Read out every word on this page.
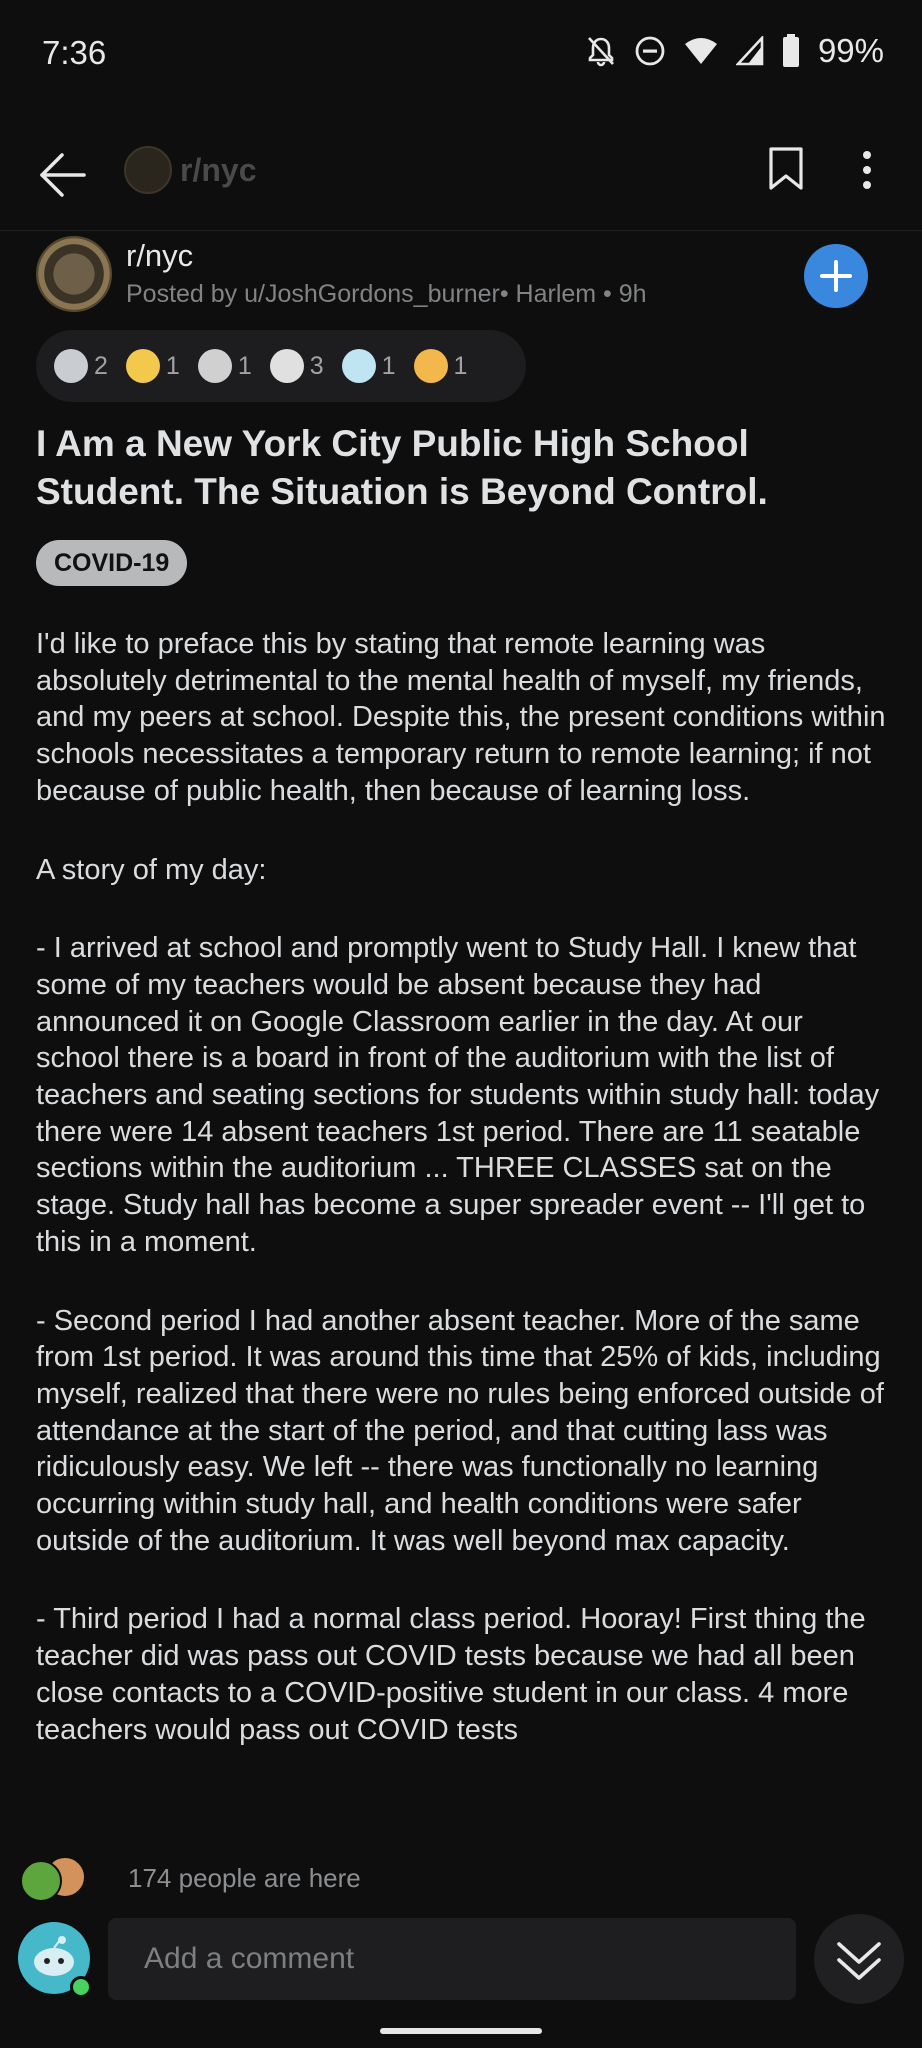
7:36	99%
r/nyc
r/nyc
Posted by u/JoshGordons_burner• Harlem • 9h
2 1 1 3 1 1
I Am a New York City Public High School Student. The Situation is Beyond Control.
COVID-19

I'd like to preface this by stating that remote learning was absolutely detrimental to the mental health of myself, my friends, and my peers at school. Despite this, the present conditions within schools necessitates a temporary return to remote learning; if not because of public health, then because of learning loss.

A story of my day:

- I arrived at school and promptly went to Study Hall. I knew that some of my teachers would be absent because they had announced it on Google Classroom earlier in the day. At our school there is a board in front of the auditorium with the list of teachers and seating sections for students within study hall: today there were 14 absent teachers 1st period. There are 11 seatable sections within the auditorium ... THREE CLASSES sat on the stage. Study hall has become a super spreader event -- I'll get to this in a moment.

- Second period I had another absent teacher. More of the same from 1st period. It was around this time that 25% of kids, including myself, realized that there were no rules being enforced outside of attendance at the start of the period, and that cutting lass was ridiculously easy. We left -- there was functionally no learning occurring within study hall, and health conditions were safer outside of the auditorium. It was well beyond max capacity.

- Third period I had a normal class period. Hooray! First thing the teacher did was pass out COVID tests because we had all been close contacts to a COVID-positive student in our class. 4 more teachers would pass out COVID tests

174 people are here
Add a comment
